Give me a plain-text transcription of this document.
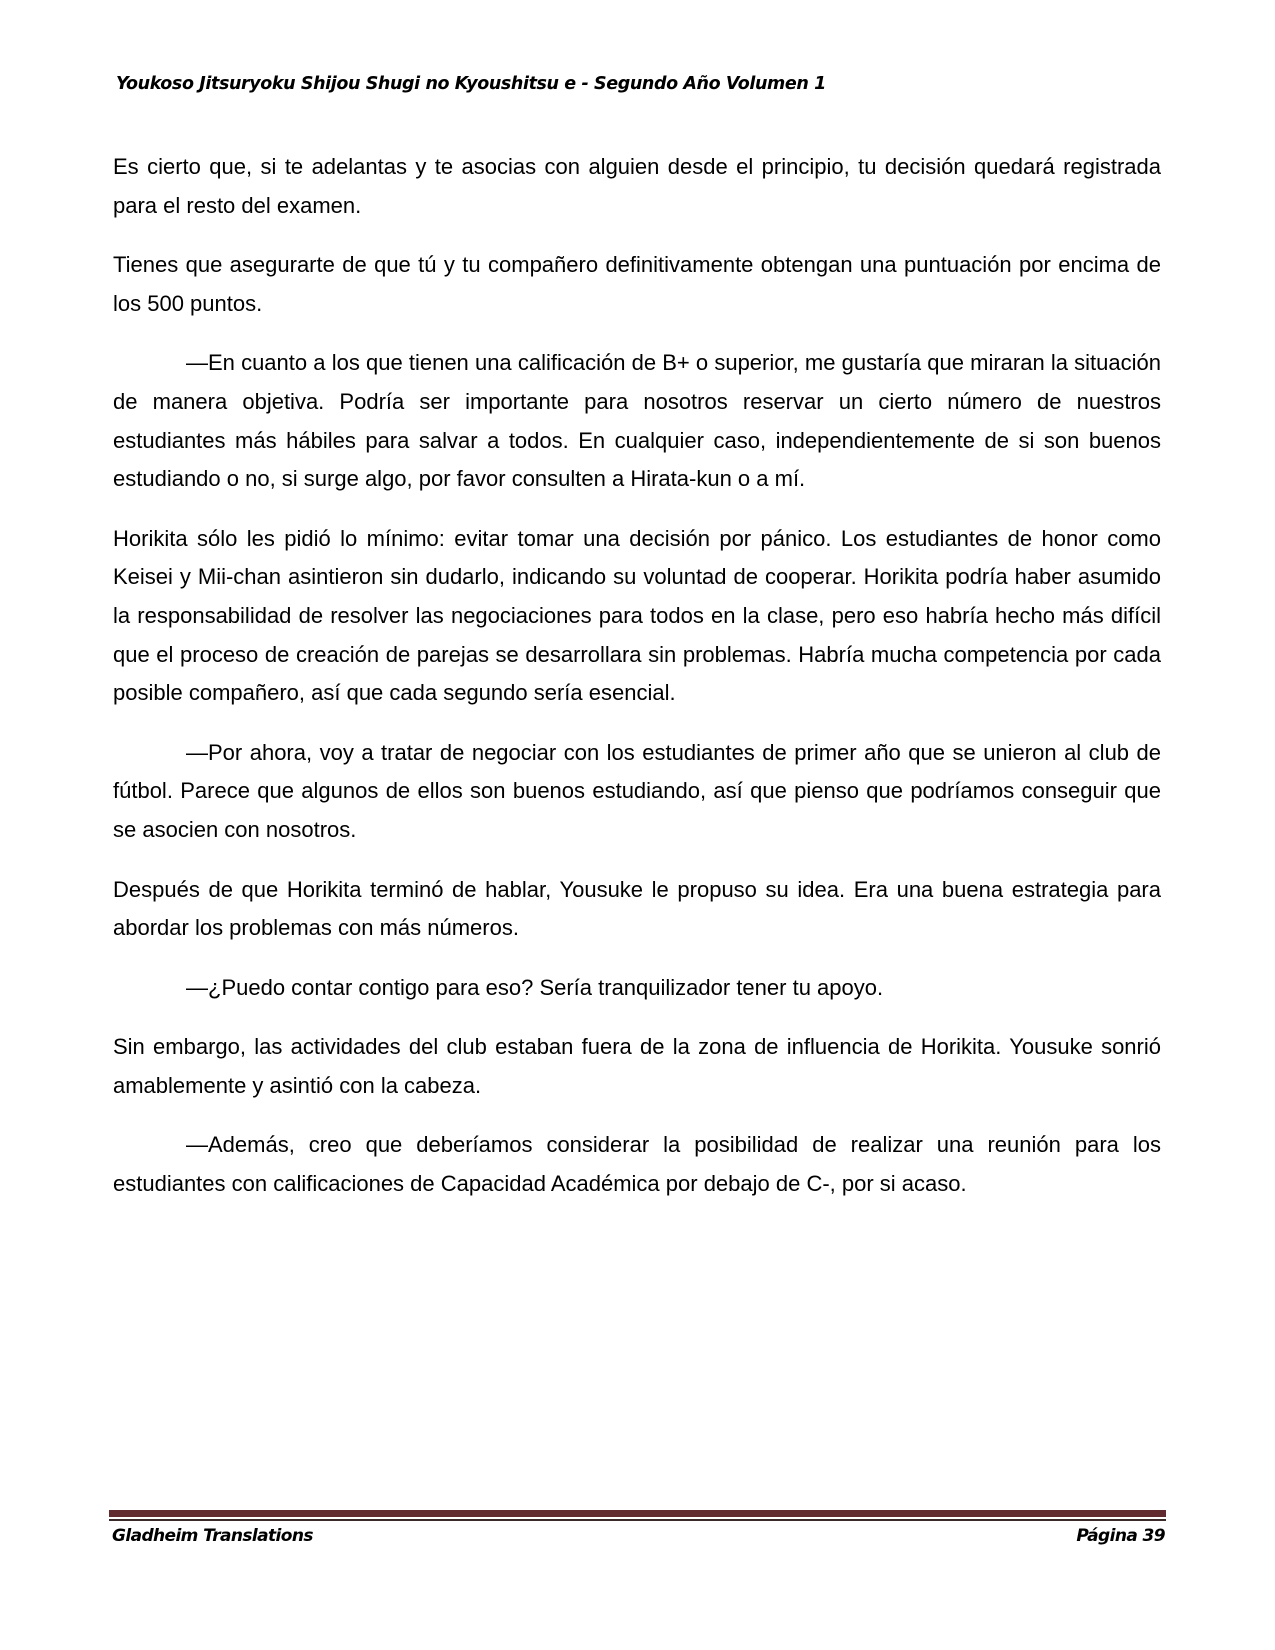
Youkoso Jitsuryoku Shijou Shugi no Kyoushitsu e - Segundo Año Volumen 1

Es cierto que, si te adelantas y te asocias con alguien desde el principio, tu decisión quedará registrada para el resto del examen.

Tienes que asegurarte de que tú y tu compañero definitivamente obtengan una puntuación por encima de los 500 puntos.

—En cuanto a los que tienen una calificación de B+ o superior, me gustaría que miraran la situación de manera objetiva. Podría ser importante para nosotros reservar un cierto número de nuestros estudiantes más hábiles para salvar a todos. En cualquier caso, independientemente de si son buenos estudiando o no, si surge algo, por favor consulten a Hirata-kun o a mí.

Horikita sólo les pidió lo mínimo: evitar tomar una decisión por pánico. Los estudiantes de honor como Keisei y Mii-chan asintieron sin dudarlo, indicando su voluntad de cooperar. Horikita podría haber asumido la responsabilidad de resolver las negociaciones para todos en la clase, pero eso habría hecho más difícil que el proceso de creación de parejas se desarrollara sin problemas. Habría mucha competencia por cada posible compañero, así que cada segundo sería esencial.

—Por ahora, voy a tratar de negociar con los estudiantes de primer año que se unieron al club de fútbol. Parece que algunos de ellos son buenos estudiando, así que pienso que podríamos conseguir que se asocien con nosotros.

Después de que Horikita terminó de hablar, Yousuke le propuso su idea. Era una buena estrategia para abordar los problemas con más números.

—¿Puedo contar contigo para eso? Sería tranquilizador tener tu apoyo.

Sin embargo, las actividades del club estaban fuera de la zona de influencia de Horikita. Yousuke sonrió amablemente y asintió con la cabeza.

—Además, creo que deberíamos considerar la posibilidad de realizar una reunión para los estudiantes con calificaciones de Capacidad Académica por debajo de C-, por si acaso.

Gladheim Translations	Página 39
